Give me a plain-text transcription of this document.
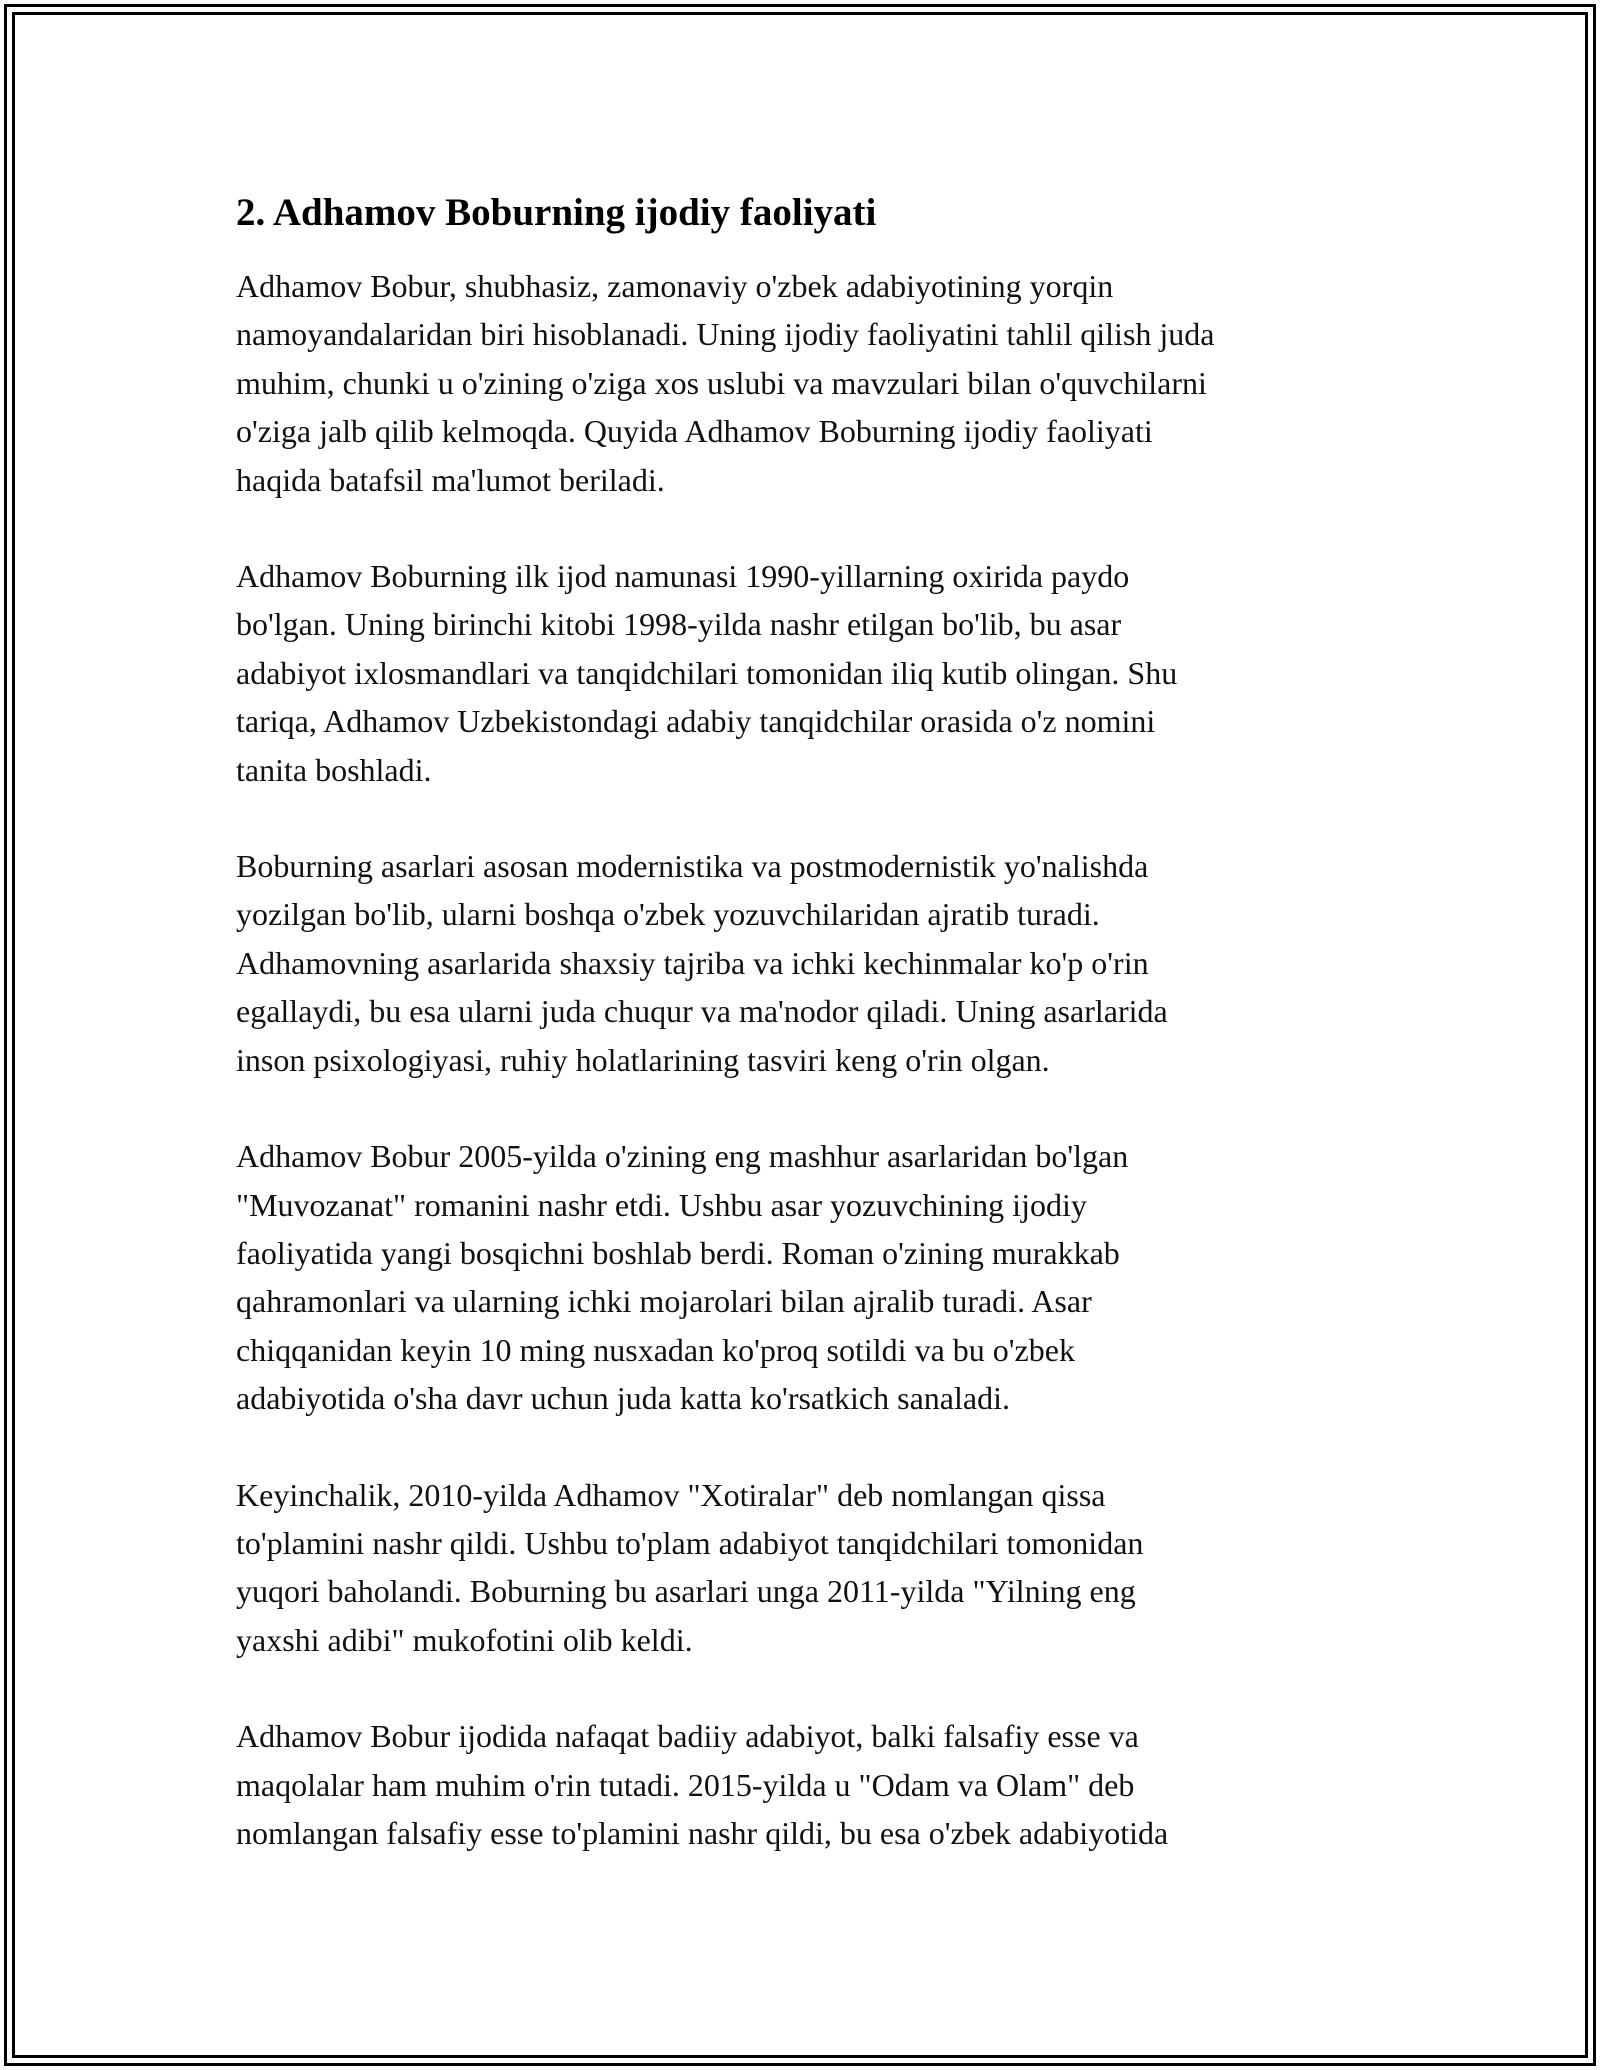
2. Adhamov Boburning ijodiy faoliyati

Adhamov Bobur, shubhasiz, zamonaviy o'zbek adabiyotining yorqin
namoyandalaridan biri hisoblanadi. Uning ijodiy faoliyatini tahlil qilish juda
muhim, chunki u o'zining o'ziga xos uslubi va mavzulari bilan o'quvchilarni
o'ziga jalb qilib kelmoqda. Quyida Adhamov Boburning ijodiy faoliyati
haqida batafsil ma'lumot beriladi.

Adhamov Boburning ilk ijod namunasi 1990-yillarning oxirida paydo
bo'lgan. Uning birinchi kitobi 1998-yilda nashr etilgan bo'lib, bu asar
adabiyot ixlosmandlari va tanqidchilari tomonidan iliq kutib olingan. Shu
tariqa, Adhamov Uzbekistondagi adabiy tanqidchilar orasida o'z nomini
tanita boshladi.

Boburning asarlari asosan modernistika va postmodernistik yo'nalishda
yozilgan bo'lib, ularni boshqa o'zbek yozuvchilaridan ajratib turadi.
Adhamovning asarlarida shaxsiy tajriba va ichki kechinmalar ko'p o'rin
egallaydi, bu esa ularni juda chuqur va ma'nodor qiladi. Uning asarlarida
inson psixologiyasi, ruhiy holatlarining tasviri keng o'rin olgan.

Adhamov Bobur 2005-yilda o'zining eng mashhur asarlaridan bo'lgan
"Muvozanat" romanini nashr etdi. Ushbu asar yozuvchining ijodiy
faoliyatida yangi bosqichni boshlab berdi. Roman o'zining murakkab
qahramonlari va ularning ichki mojarolari bilan ajralib turadi. Asar
chiqqanidan keyin 10 ming nusxadan ko'proq sotildi va bu o'zbek
adabiyotida o'sha davr uchun juda katta ko'rsatkich sanaladi.

Keyinchalik, 2010-yilda Adhamov "Xotiralar" deb nomlangan qissa
to'plamini nashr qildi. Ushbu to'plam adabiyot tanqidchilari tomonidan
yuqori baholandi. Boburning bu asarlari unga 2011-yilda "Yilning eng
yaxshi adibi" mukofotini olib keldi.

Adhamov Bobur ijodida nafaqat badiiy adabiyot, balki falsafiy esse va
maqolalar ham muhim o'rin tutadi. 2015-yilda u "Odam va Olam" deb
nomlangan falsafiy esse to'plamini nashr qildi, bu esa o'zbek adabiyotida
